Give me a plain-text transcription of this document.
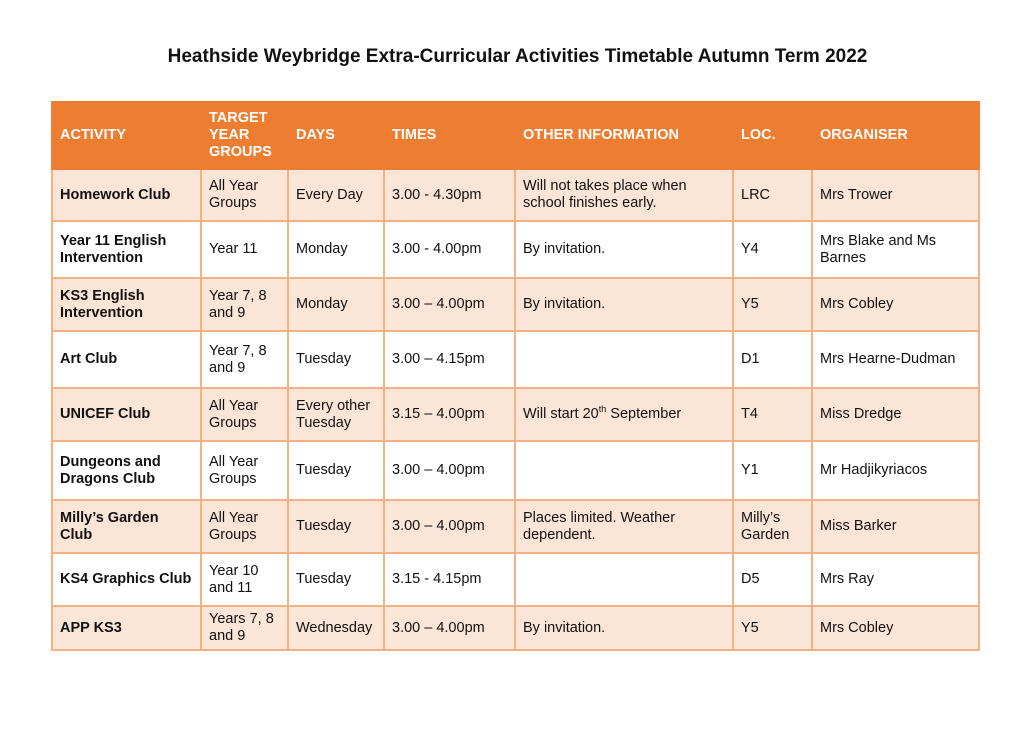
Heathside Weybridge Extra-Curricular Activities Timetable Autumn Term 2022
ACTIVITY	TARGET YEAR GROUPS	DAYS	TIMES	OTHER INFORMATION	LOC.	ORGANISER
Homework Club	All Year Groups	Every Day	3.00 - 4.30pm	Will not takes place when school finishes early.	LRC	Mrs Trower
Year 11 English Intervention	Year 11	Monday	3.00 - 4.00pm	By invitation.	Y4	Mrs Blake and Ms Barnes
KS3 English Intervention	Year 7, 8 and 9	Monday	3.00 – 4.00pm	By invitation.	Y5	Mrs Cobley
Art Club	Year 7, 8 and 9	Tuesday	3.00 – 4.15pm		D1	Mrs Hearne-Dudman
UNICEF Club	All Year Groups	Every other Tuesday	3.15 – 4.00pm	Will start 20th September	T4	Miss Dredge
Dungeons and Dragons Club	All Year Groups	Tuesday	3.00 – 4.00pm		Y1	Mr Hadjikyriacos
Milly’s Garden Club	All Year Groups	Tuesday	3.00 – 4.00pm	Places limited. Weather dependent.	Milly’s Garden	Miss Barker
KS4 Graphics Club	Year 10 and 11	Tuesday	3.15 - 4.15pm		D5	Mrs Ray
APP KS3	Years 7, 8 and 9	Wednesday	3.00 – 4.00pm	By invitation.	Y5	Mrs Cobley
